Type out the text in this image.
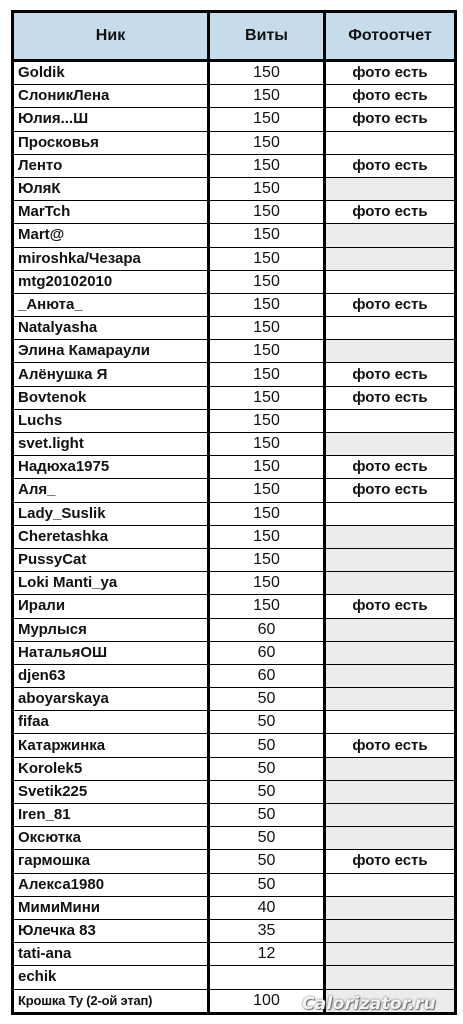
Ник	Виты	Фотоотчет
Goldik	150	фото есть
СлоникЛена	150	фото есть
Юлия...Ш	150	фото есть
Просковья	150	
Ленто	150	фото есть
ЮляК	150	
MarTch	150	фото есть
Mart@	150	
miroshka/Чезара	150	
mtg20102010	150	
_Анюта_	150	фото есть
Natalyasha	150	
Элина Камараули	150	
Алёнушка Я	150	фото есть
Bovtenok	150	фото есть
Luchs	150	
svet.light	150	
Надюха1975	150	фото есть
Аля_	150	фото есть
Lady_Suslik	150	
Cheretashka	150	
PussyCat	150	
Loki Manti_ya	150	
Ирали	150	фото есть
Мурлыся	60	
НатальяОШ	60	
djen63	60	
aboyarskaya	50	
fifaa	50	
Катаржинка	50	фото есть
Korolek5	50	
Svetik225	50	
Iren_81	50	
Оксютка	50	
гармошка	50	фото есть
Алекса1980	50	
МимиМини	40	
Юлечка 83	35	
tati-ana	12	
echik		
Крошка Ту (2-ой этап)	100	Calorizator.ru
